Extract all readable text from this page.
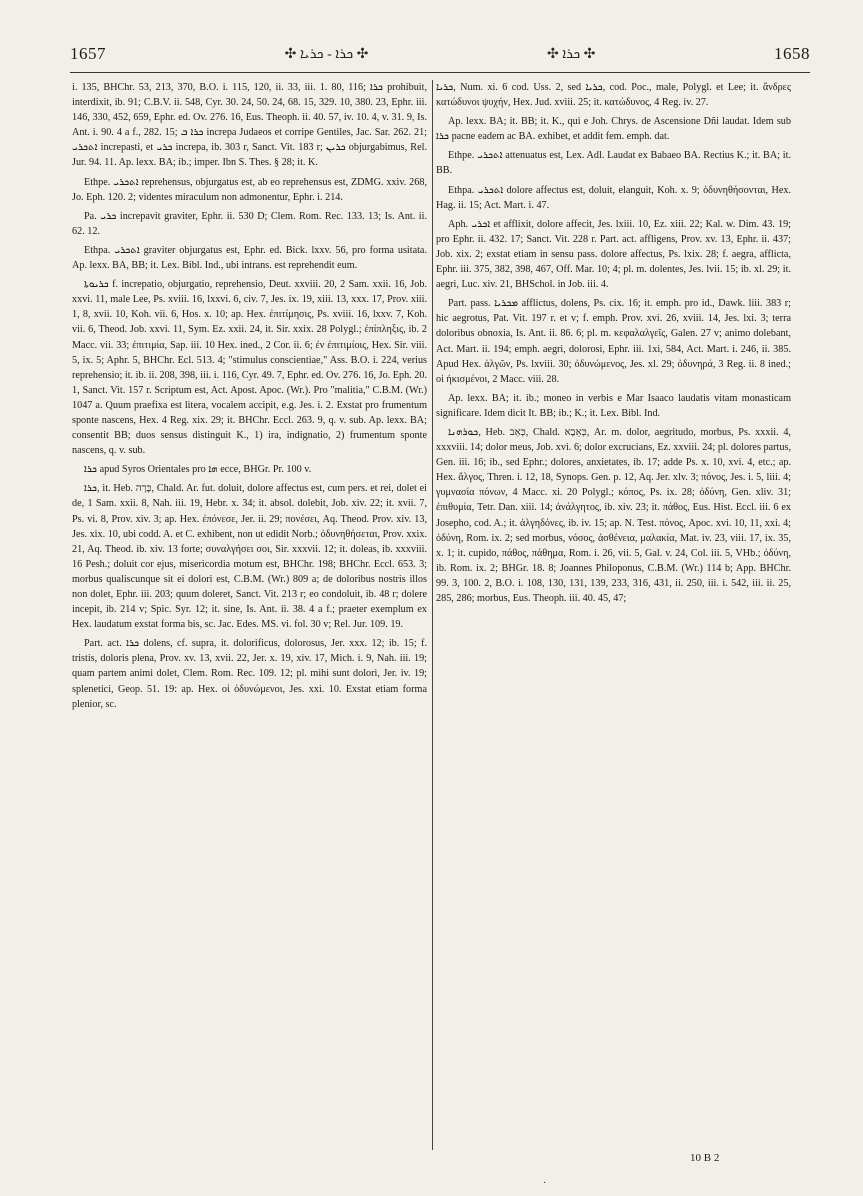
1657	✣ ܟܪܐ - ܟܪܝܐ ✣	✣ ܟܪܐ ✣	1658

i. 135, BHChr. 53, 213, 370, B.O. i. 115, 120, ii. 33, iii. 1. 80, 116; ܟܪܐ prohibuit, interdixit, ib. 91; C.B.V. ii. 548, Cyr. 30. 24, 50. 24, 68. 15, 329. 10, 380. 23, Ephr. iii. 146, 330, 452, 659, Ephr. ed. Ov. 276. 16, Eus. Theoph. ii. 40. 57, iv. 10. 4, v. 31. 9, Is. Ant. i. 90. 4 a f., 282. 15; ܟܪܐ ܒ increpa Judaeos et corripe Gentiles, Jac. Sar. 262. 21; ܐܬܟܪܝ increpasti, et ܟܪܝ increpa, ib. 303 r, Sanct. Vit. 183 r; ܟܪܝܢ objurgabimus, Rel. Jur. 94. 11. Ap. lexx. BA; ib.; imper. Ibn S. Thes. § 28; it. K.

Ethpe. ܐܬܟܪܝ reprehensus, objurgatus est, ab eo reprehensus est, ZDMG. xxiv. 268, Jo. Eph. 120. 2; videntes miraculum non admonentur, Ephr. i. 214.

Pa. ܟܪܝ increpavit graviter, Ephr. ii. 530 D; Clem. Rom. Rec. 133. 13; Is. Ant. ii. 62. 12.

Ethpa. ܐܬܟܪܝ graviter objurgatus est, Ephr. ed. Bick. lxxv. 56, pro forma usitata. Ap. lexx. BA, BB; it. Lex. Bibl. Ind., ubi intrans. est reprehendit eum.

ܟܪܝܘܬܐ f. increpatio, objurgatio, reprehensio, Deut. xxviii. 20, 2 Sam. xxii. 16, Job. xxvi. 11, male Lee, Ps. xviii. 16, lxxvi. 6, civ. 7, Jes. ix. 19, xiii. 13, xxx. 17, Prov. xiii. 1, 8, xvii. 10, Koh. vii. 6, Hos. x. 10; ap. Hex. ἐπιτίμησις, Ps. xviii. 16, lxxv. 7, Koh. vii. 6, Theod. Job. xxvi. 11, Sym. Ez. xxii. 24, it. Sir. xxix. 28 Polygl.; ἐπίπληξις, ib. 2 Macc. vii. 33; ἐπιτιμία, Sap. iii. 10 Hex. ined., 2 Cor. ii. 6; ἐν ἐπιτιμίοις, Hex. Sir. viii. 5, ix. 5; Aphr. 5, BHChr. Ecl. 513. 4; "stimulus conscientiae," Ass. B.O. i. 224, verius reprehensio; it. ib. ii. 208, 398, iii. i. 116, Cyr. 49. 7, Ephr. ed. Ov. 276. 16, Jo. Eph. 20. 1, Sanct. Vit. 157 r. Scriptum est, Act. Apost. Apoc. (Wr.). Pro "malitia," C.B.M. (Wr.) 1047 a. Quum praefixa est litera, vocalem accipit, e.g. Jes. i. 2. Exstat pro frumentum sponte nascens, Hex. 4 Reg. xix. 29; it. BHChr. Eccl. 263. 9, q. v. sub. Ap. lexx. BA; consentit BB; duos sensus distinguit K., 1) ira, indignatio, 2) frumentum sponte nascens, q. v. sub.

ܟܪܐ apud Syros Orientales pro ܗܐ ecce, BHGr. Pr. 100 v.

ܟܪܐ, it. Heb. כָּרָה, Chald. Ar. fut. doluit, dolore affectus est, cum pers. et rei, dolet ei de, 1 Sam. xxii. 8, Nah. iii. 19, Hebr. x. 34; it. absol. dolebit, Job. xiv. 22; it. xvii. 7, Ps. vi. 8, Prov. xiv. 3; ap. Hex. ἐπόνεσε, Jer. ii. 29; πονέσει, Aq. Theod. Prov. xiv. 13, Jes. xix. 10, ubi codd. A. et C. exhibent, non ut edidit Norb.; ὀδυνηθήσεται, Prov. xxix. 21, Aq. Theod. ib. xiv. 13 forte; συναλγήσει σοι, Sir. xxxvii. 12; it. doleas, ib. xxxviii. 16 Pesh.; doluit cor ejus, misericordia motum est, BHChr. 198; BHChr. Eccl. 653. 3; morbus qualiscunque sit ei dolori est, C.B.M. (Wr.) 809 a; de doloribus nostris illos non dolet, Ephr. iii. 203; quum doleret, Sanct. Vit. 213 r; eo condoluit, ib. 48 r; dolere incepit, ib. 214 v; Spic. Syr. 12; it. sine, Is. Ant. ii. 38. 4 a f.; praeter exemplum ex Hex. laudatum exstat forma bis, sc. Jac. Edes. MS. vi. fol. 30 v; Rel. Jur. 109. 19.

Part. act. ܟܪܐ dolens, cf. supra, it. dolorificus, dolorosus, Jer. xxx. 12; ib. 15; f. tristis, doloris plena, Prov. xv. 13, xvii. 22, Jer. x. 19, xiv. 17, Mich. i. 9, Nah. iii. 19; quam partem animi dolet, Clem. Rom. Rec. 109. 12; pl. mihi sunt dolori, Jer. iv. 19; splenetici, Geop. 51. 19: ap. Hex. οἱ ὀδυνώμενοι, Jes. xxi. 10. Exstat etiam forma plenior, sc.

ܟܪܝܐ, Num. xi. 6 cod. Uss. 2, sed ܟܪܝܐ, cod. Poc., male, Polygl. et Lee; it. ἄνδρες κατώδυνοι ψυχήν, Hex. Jud. xviii. 25; it. κατώδυνος, 4 Reg. iv. 27.

Ap. lexx. BA; it. BB; it. K., qui e Joh. Chrys. de Ascensione Dñi laudat. Idem sub ܟܪܐ pacne eadem ac BA. exhibet, et addit fem. emph. dat.

Ethpe. ܐܬܟܪܝ attenuatus est, Lex. Adl. Laudat ex Babaeo BA. Rectius K.; it. BA; it. BB.

Ethpa. ܐܬܟܪܝ dolore affectus est, doluit, elanguit, Koh. x. 9; ὀδυνηθήσονται, Hex. Hag. ii. 15; Act. Mart. i. 47.

Aph. ܐܟܪܝ et afflixit, dolore affecit, Jes. lxiii. 10, Ez. xiii. 22; Kal. w. Dim. 43. 19; pro Ephr. ii. 432. 17; Sanct. Vit. 228 r. Part. act. affligens, Prov. xv. 13, Ephr. ii. 437; Job. xix. 2; exstat etiam in sensu pass. dolore affectus, Ps. lxix. 28; f. aegra, afflicta, Ephr. iii. 375, 382, 398, 467, Off. Mar. 10; 4; pl. m. dolentes, Jes. lvii. 15; ib. xl. 29; it. aegri, Luc. xiv. 21, BHSchol. in Job. iii. 4.

Part. pass. ܡܟܪܝܐ afflictus, dolens, Ps. cix. 16; it. emph. pro id., Dawk. liii. 383 r; hic aegrotus, Pat. Vit. 197 r. et v; f. emph. Prov. xvi. 26, xviii. 14, Jes. lxi. 3; terra doloribus obnoxia, Is. Ant. ii. 86. 6; pl. m. κεφαλαλγεῖς, Galen. 27 v; animo dolebant, Act. Mart. ii. 194; emph. aegri, dolorosi, Ephr. iii. 1xi, 584, Act. Mart. i. 246, ii. 385. Apud Hex. ἀλγῶν, Ps. lxviii. 30; ὀδυνώμενος, Jes. xl. 29; ὀδυνηρά, 3 Reg. ii. 8 ined.; οἱ ἠκισμένοι, 2 Macc. viii. 28.

Ap. lexx. BA; it. ib.; moneo in verbis e Mar Isaaco laudatis vitam monasticam significare. Idem dicit It. BB; ib.; K.; it. Lex. Bibl. Ind.

ܟܘܪܗܢܐ, Heb. כְּאֵב, Chald. כְּאֵבָא, Ar. m. dolor, aegritudo, morbus, Ps. xxxii. 4, xxxviii. 14; dolor meus, Job. xvi. 6; dolor excrucians, Ez. xxviii. 24; pl. dolores partus, Gen. iii. 16; ib., sed Ephr.; dolores, anxietates, ib. 17; adde Ps. x. 10, xvi. 4, etc.; ap. Hex. ἄλγος, Thren. i. 12, 18, Synops. Gen. p. 12, Aq. Jer. xlv. 3; πόνος, Jes. i. 5, liii. 4; γυμνασία πόνων, 4 Macc. xi. 20 Polygl.; κόπος, Ps. ix. 28; ὀδύνη, Gen. xliv. 31; ἐπιθυμία, Tetr. Dan. xiii. 14; ἀνάλγητος, ib. xiv. 23; it. πάθος, Eus. Hist. Eccl. iii. 6 ex Josepho, cod. A.; it. ἀλγηδόνες, ib. iv. 15; ap. N. Test. πόνος, Apoc. xvi. 10, 11, xxi. 4; ὀδύνη, Rom. ix. 2; sed morbus, νόσος, ἀσθένεια, μαλακία, Mat. iv. 23, viii. 17, ix. 35, x. 1; it. cupido, πάθος, πάθημα, Rom. i. 26, vii. 5, Gal. v. 24, Col. iii. 5, VHb.; ὀδύνη, ib. Rom. ix. 2; BHGr. 18. 8; Joannes Philoponus, C.B.M. (Wr.) 114 b; App. BHChr. 99. 3, 100. 2, B.O. i. 108, 130, 131, 139, 233, 316, 431, ii. 250, iii. i. 542, iii. ii. 25, 285, 286; morbus, Eus. Theoph. iii. 40. 45, 47;

10 B 2
·
